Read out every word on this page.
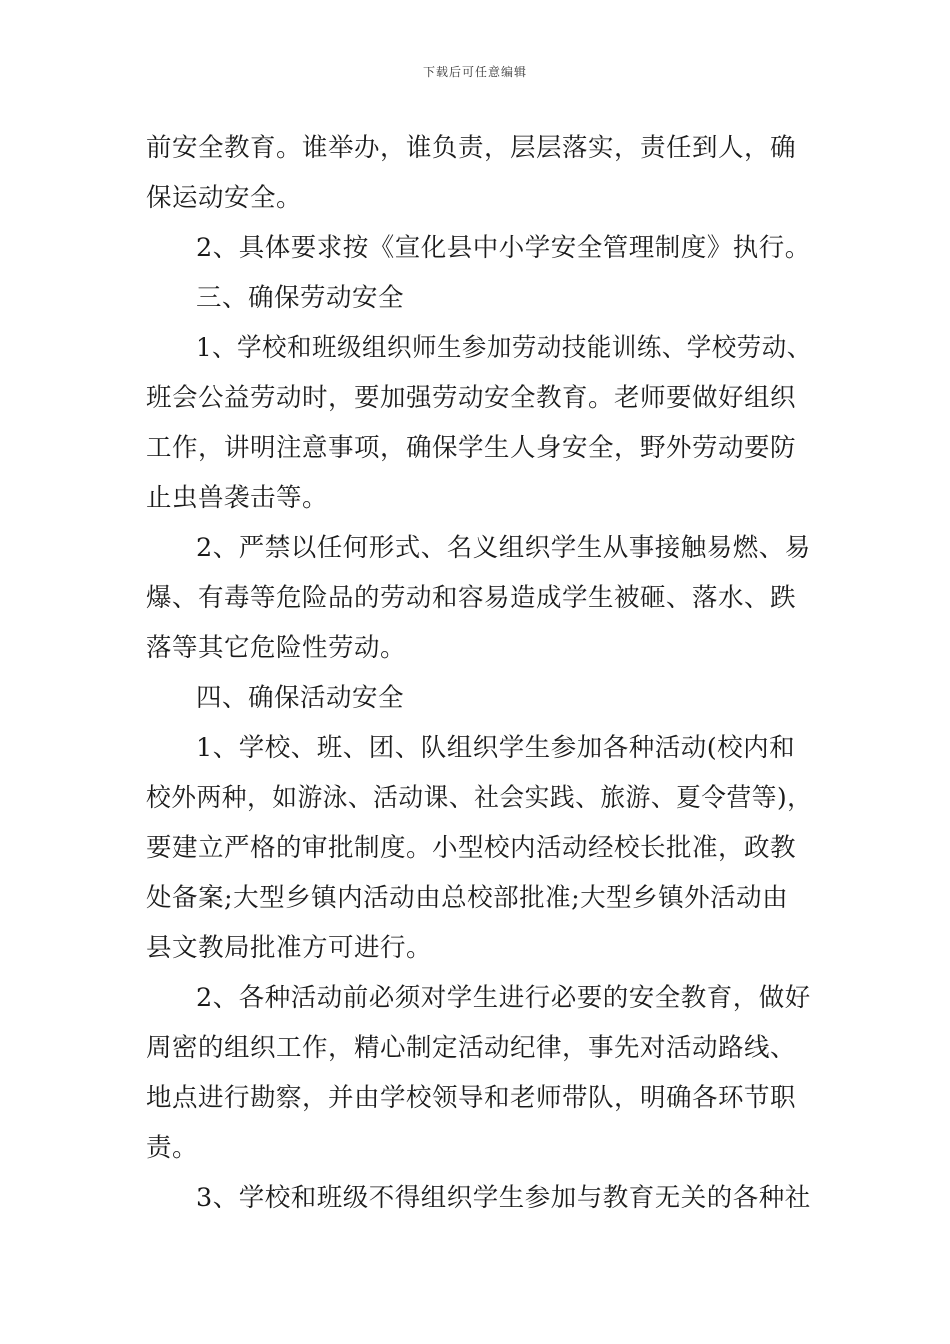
下载后可任意编辑
前安全教育。谁举办，谁负责，层层落实，责任到人，确
保运动安全。
2、具体要求按《宣化县中小学安全管理制度》执行。
三、确保劳动安全
1、学校和班级组织师生参加劳动技能训练、学校劳动、
班会公益劳动时，要加强劳动安全教育。老师要做好组织
工作，讲明注意事项，确保学生人身安全，野外劳动要防
止虫兽袭击等。
2、严禁以任何形式、名义组织学生从事接触易燃、易
爆、有毒等危险品的劳动和容易造成学生被砸、落水、跌
落等其它危险性劳动。
四、确保活动安全
1、学校、班、团、队组织学生参加各种活动(校内和
校外两种，如游泳、活动课、社会实践、旅游、夏令营等)，
要建立严格的审批制度。小型校内活动经校长批准，政教
处备案;大型乡镇内活动由总校部批准;大型乡镇外活动由
县文教局批准方可进行。
2、各种活动前必须对学生进行必要的安全教育，做好
周密的组织工作，精心制定活动纪律，事先对活动路线、
地点进行勘察，并由学校领导和老师带队，明确各环节职
责。
3、学校和班级不得组织学生参加与教育无关的各种社
